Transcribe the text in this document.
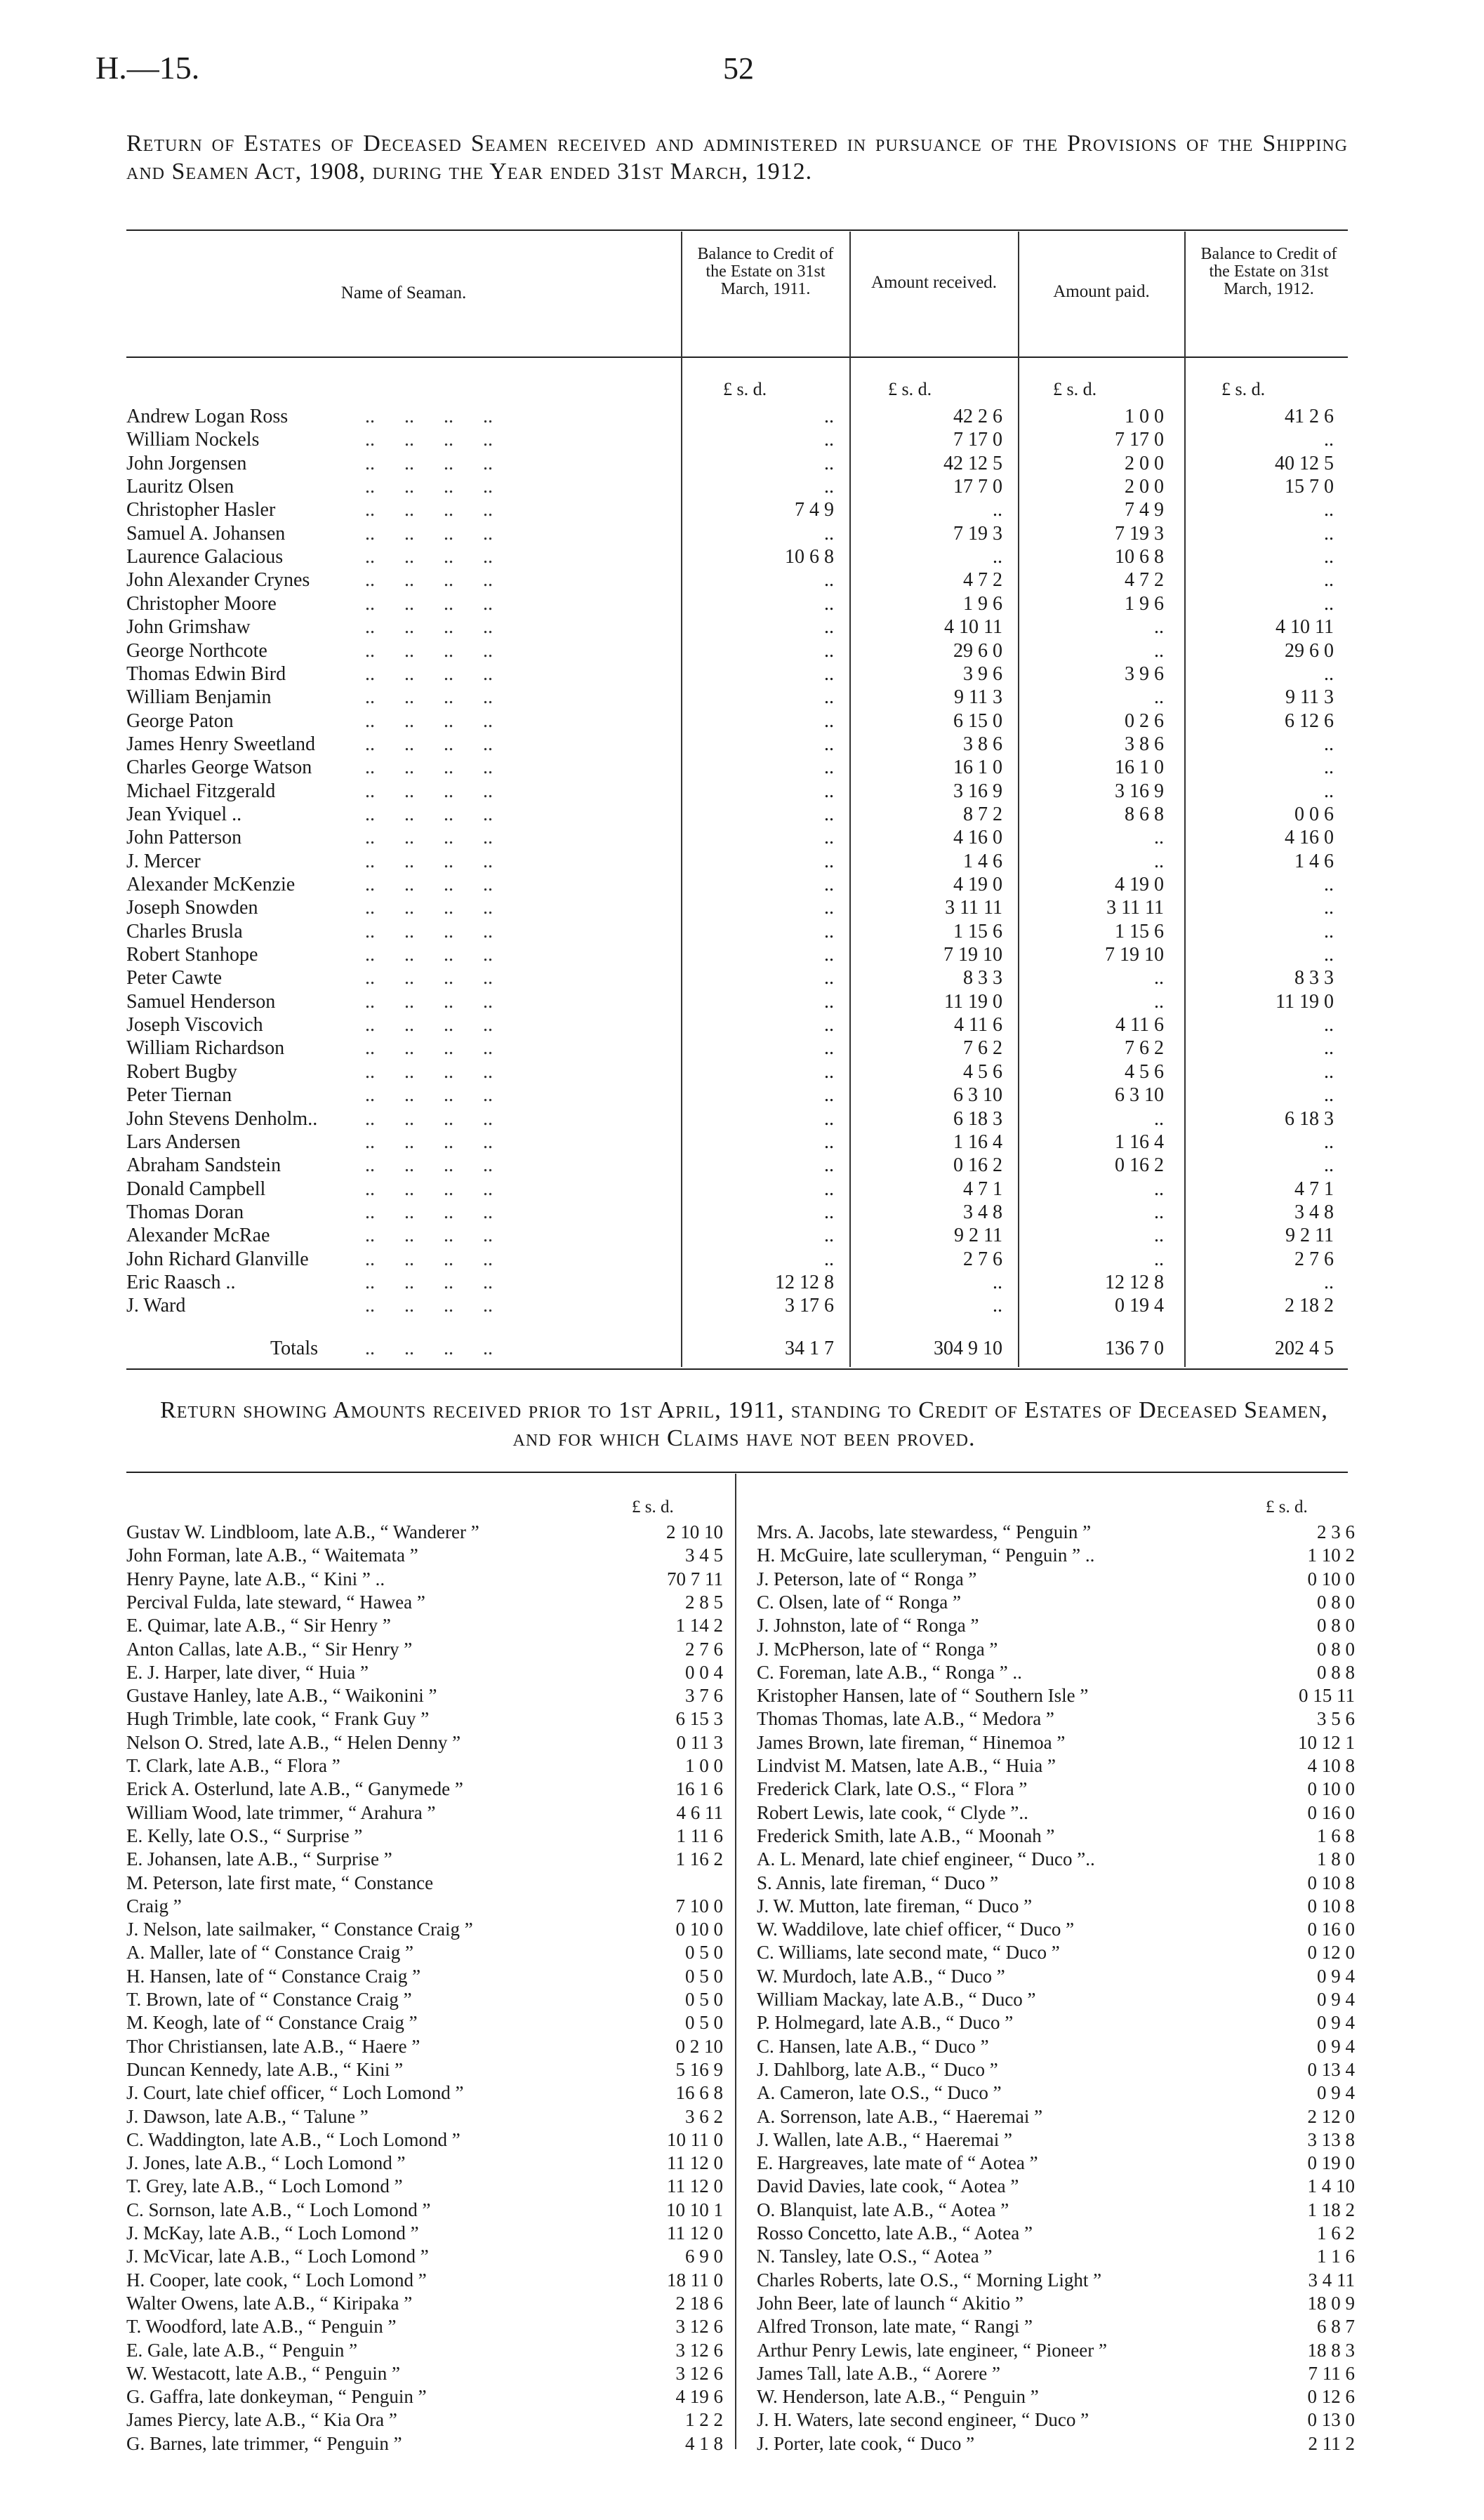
H.—15.	52
Return of Estates of Deceased Seamen received and administered in pursuance of the Provisions of the Shipping and Seamen Act, 1908, during the Year ended 31st March, 1912.
Name of Seaman.
Balance to Credit of the Estate on 31st March, 1911.	Amount received.	Amount paid.
Balance to Credit of the Estate on 31st March, 1912.
£ s. d.	£ s. d.	£ s. d.	£ s. d.
Andrew Logan Ross	..      ..      ..      ..	..	42 2 6	1 0 0	41 2 6
William Nockels	..      ..      ..      ..	..	7 17 0	7 17 0	..
John Jorgensen	..      ..      ..      ..	..	42 12 5	2 0 0	40 12 5
Lauritz Olsen	..      ..      ..      ..	..	17 7 0	2 0 0	15 7 0
Christopher Hasler	..      ..      ..      ..	7 4 9	..	7 4 9	..
Samuel A. Johansen	..      ..      ..      ..	..	7 19 3	7 19 3	..
Laurence Galacious	..      ..      ..      ..	10 6 8	..	10 6 8	..
John Alexander Crynes	..      ..      ..      ..	..	4 7 2	4 7 2	..
Christopher Moore	..      ..      ..      ..	..	1 9 6	1 9 6	..
John Grimshaw	..      ..      ..      ..	..	4 10 11	..	4 10 11
George Northcote	..      ..      ..      ..	..	29 6 0	..	29 6 0
Thomas Edwin Bird	..      ..      ..      ..	..	3 9 6	3 9 6	..
William Benjamin	..      ..      ..      ..	..	9 11 3	..	9 11 3
George Paton	..      ..      ..      ..	..	6 15 0	0 2 6	6 12 6
James Henry Sweetland	..      ..      ..      ..	..	3 8 6	3 8 6	..
Charles George Watson	..      ..      ..      ..	..	16 1 0	16 1 0	..
Michael Fitzgerald	..      ..      ..      ..	..	3 16 9	3 16 9	..
Jean Yviquel ..	..      ..      ..      ..	..	8 7 2	8 6 8	0 0 6
John Patterson	..      ..      ..      ..	..	4 16 0	..	4 16 0
J. Mercer	..      ..      ..      ..	..	1 4 6	..	1 4 6
Alexander McKenzie	..      ..      ..      ..	..	4 19 0	4 19 0	..
Joseph Snowden	..      ..      ..      ..	..	3 11 11	3 11 11	..
Charles Brusla	..      ..      ..      ..	..	1 15 6	1 15 6	..
Robert Stanhope	..      ..      ..      ..	..	7 19 10	7 19 10	..
Peter Cawte	..      ..      ..      ..	..	8 3 3	..	8 3 3
Samuel Henderson	..      ..      ..      ..	..	11 19 0	..	11 19 0
Joseph Viscovich	..      ..      ..      ..	..	4 11 6	4 11 6	..
William Richardson	..      ..      ..      ..	..	7 6 2	7 6 2	..
Robert Bugby	..      ..      ..      ..	..	4 5 6	4 5 6	..
Peter Tiernan	..      ..      ..      ..	..	6 3 10	6 3 10	..
John Stevens Denholm.. ..      ..      ..      ..	..	6 18 3	..	6 18 3
Lars Andersen	..      ..      ..      ..	..	1 16 4	1 16 4	..
Abraham Sandstein	..      ..      ..      ..	..	0 16 2	0 16 2	..
Donald Campbell	..      ..      ..      ..	..	4 7 1	..	4 7 1
Thomas Doran	..      ..      ..      ..	..	3 4 8	..	3 4 8
Alexander McRae	..      ..      ..      ..	..	9 2 11	..	9 2 11
John Richard Glanville	..      ..      ..      ..	..	2 7 6	..	2 7 6
Eric Raasch ..	..      ..      ..      ..	12 12 8	..	12 12 8	..
J. Ward	..      ..      ..      ..	3 17 6	..	0 19 4	2 18 2
Totals ..      ..      ..      ..	34 1 7	304 9 10	136 7 0	202 4 5
Return showing Amounts received prior to 1st April, 1911, standing to Credit of Estates of Deceased Seamen, and for which Claims have not been proved.
£ s. d.	£ s. d.
Gustav W. Lindbloom, late A.B., “ Wanderer ”	2 10 10
John Forman, late A.B., “ Waitemata ”	3 4 5
Henry Payne, late A.B., “ Kini ” ..	70 7 11
Percival Fulda, late steward, “ Hawea ”	2 8 5
E. Quimar, late A.B., “ Sir Henry ”	1 14 2
Anton Callas, late A.B., “ Sir Henry ”	2 7 6
E. J. Harper, late diver, “ Huia ”	0 0 4
Gustave Hanley, late A.B., “ Waikonini ”	3 7 6
Hugh Trimble, late cook, “ Frank Guy ”	6 15 3
Nelson O. Stred, late A.B., “ Helen Denny ”	0 11 3
T. Clark, late A.B., “ Flora ”	1 0 0
Erick A. Osterlund, late A.B., “ Ganymede ”	16 1 6
William Wood, late trimmer, “ Arahura ”	4 6 11
E. Kelly, late O.S., “ Surprise ”	1 11 6
E. Johansen, late A.B., “ Surprise ”	1 16 2
M. Peterson, late first mate, “ Constance
Craig ”	7 10 0
J. Nelson, late sailmaker, “ Constance Craig ”	0 10 0
A. Maller, late of “ Constance Craig ”	0 5 0
H. Hansen, late of “ Constance Craig ”	0 5 0
T. Brown, late of “ Constance Craig ”	0 5 0
M. Keogh, late of “ Constance Craig ”	0 5 0
Thor Christiansen, late A.B., “ Haere ”	0 2 10
Duncan Kennedy, late A.B., “ Kini ”	5 16 9
J. Court, late chief officer, “ Loch Lomond ”	16 6 8
J. Dawson, late A.B., “ Talune ”	3 6 2
C. Waddington, late A.B., “ Loch Lomond ”	10 11 0
J. Jones, late A.B., “ Loch Lomond ”	11 12 0
T. Grey, late A.B., “ Loch Lomond ”	11 12 0
C. Sornson, late A.B., “ Loch Lomond ”	10 10 1
J. McKay, late A.B., “ Loch Lomond ”	11 12 0
J. McVicar, late A.B., “ Loch Lomond ”	6 9 0
H. Cooper, late cook, “ Loch Lomond ”	18 11 0
Walter Owens, late A.B., “ Kiripaka ”	2 18 6
T. Woodford, late A.B., “ Penguin ”	3 12 6
E. Gale, late A.B., “ Penguin ”	3 12 6
W. Westacott, late A.B., “ Penguin ”	3 12 6
G. Gaffra, late donkeyman, “ Penguin ”	4 19 6
James Piercy, late A.B., “ Kia Ora ”	1 2 2
G. Barnes, late trimmer, “ Penguin ”	4 1 8
Mrs. A. Jacobs, late stewardess, “ Penguin ”	2 3 6
H. McGuire, late sculleryman, “ Penguin ” ..	1 10 2
J. Peterson, late of “ Ronga ”	0 10 0
C. Olsen, late of “ Ronga ”	0 8 0
J. Johnston, late of “ Ronga ”	0 8 0
J. McPherson, late of “ Ronga ”	0 8 0
C. Foreman, late A.B., “ Ronga ” ..	0 8 8
Kristopher Hansen, late of “ Southern Isle ”	0 15 11
Thomas Thomas, late A.B., “ Medora ”	3 5 6
James Brown, late fireman, “ Hinemoa ”	10 12 1
Lindvist M. Matsen, late A.B., “ Huia ”	4 10 8
Frederick Clark, late O.S., “ Flora ”	0 10 0
Robert Lewis, late cook, “ Clyde ”..	0 16 0
Frederick Smith, late A.B., “ Moonah ”	1 6 8
A. L. Menard, late chief engineer, “ Duco ”..	1 8 0
S. Annis, late fireman, “ Duco ”	0 10 8
J. W. Mutton, late fireman, “ Duco ”	0 10 8
W. Waddilove, late chief officer, “ Duco ”	0 16 0
C. Williams, late second mate, “ Duco ”	0 12 0
W. Murdoch, late A.B., “ Duco ”	0 9 4
William Mackay, late A.B., “ Duco ”	0 9 4
P. Holmegard, late A.B., “ Duco ”	0 9 4
C. Hansen, late A.B., “ Duco ”	0 9 4
J. Dahlborg, late A.B., “ Duco ”	0 13 4
A. Cameron, late O.S., “ Duco ”	0 9 4
A. Sorrenson, late A.B., “ Haeremai ”	2 12 0
J. Wallen, late A.B., “ Haeremai ”	3 13 8
E. Hargreaves, late mate of “ Aotea ”	0 19 0
David Davies, late cook, “ Aotea ”	1 4 10
O. Blanquist, late A.B., “ Aotea ”	1 18 2
Rosso Concetto, late A.B., “ Aotea ”	1 6 2
N. Tansley, late O.S., “ Aotea ”	1 1 6
Charles Roberts, late O.S., “ Morning Light ”	3 4 11
John Beer, late of launch “ Akitio ”	18 0 9
Alfred Tronson, late mate, “ Rangi ”	6 8 7
Arthur Penry Lewis, late engineer, “ Pioneer ”	18 8 3
James Tall, late A.B., “ Aorere ”	7 11 6
W. Henderson, late A.B., “ Penguin ”	0 12 6
J. H. Waters, late second engineer, “ Duco ”	0 13 0
J. Porter, late cook, “ Duco ”	2 11 2
